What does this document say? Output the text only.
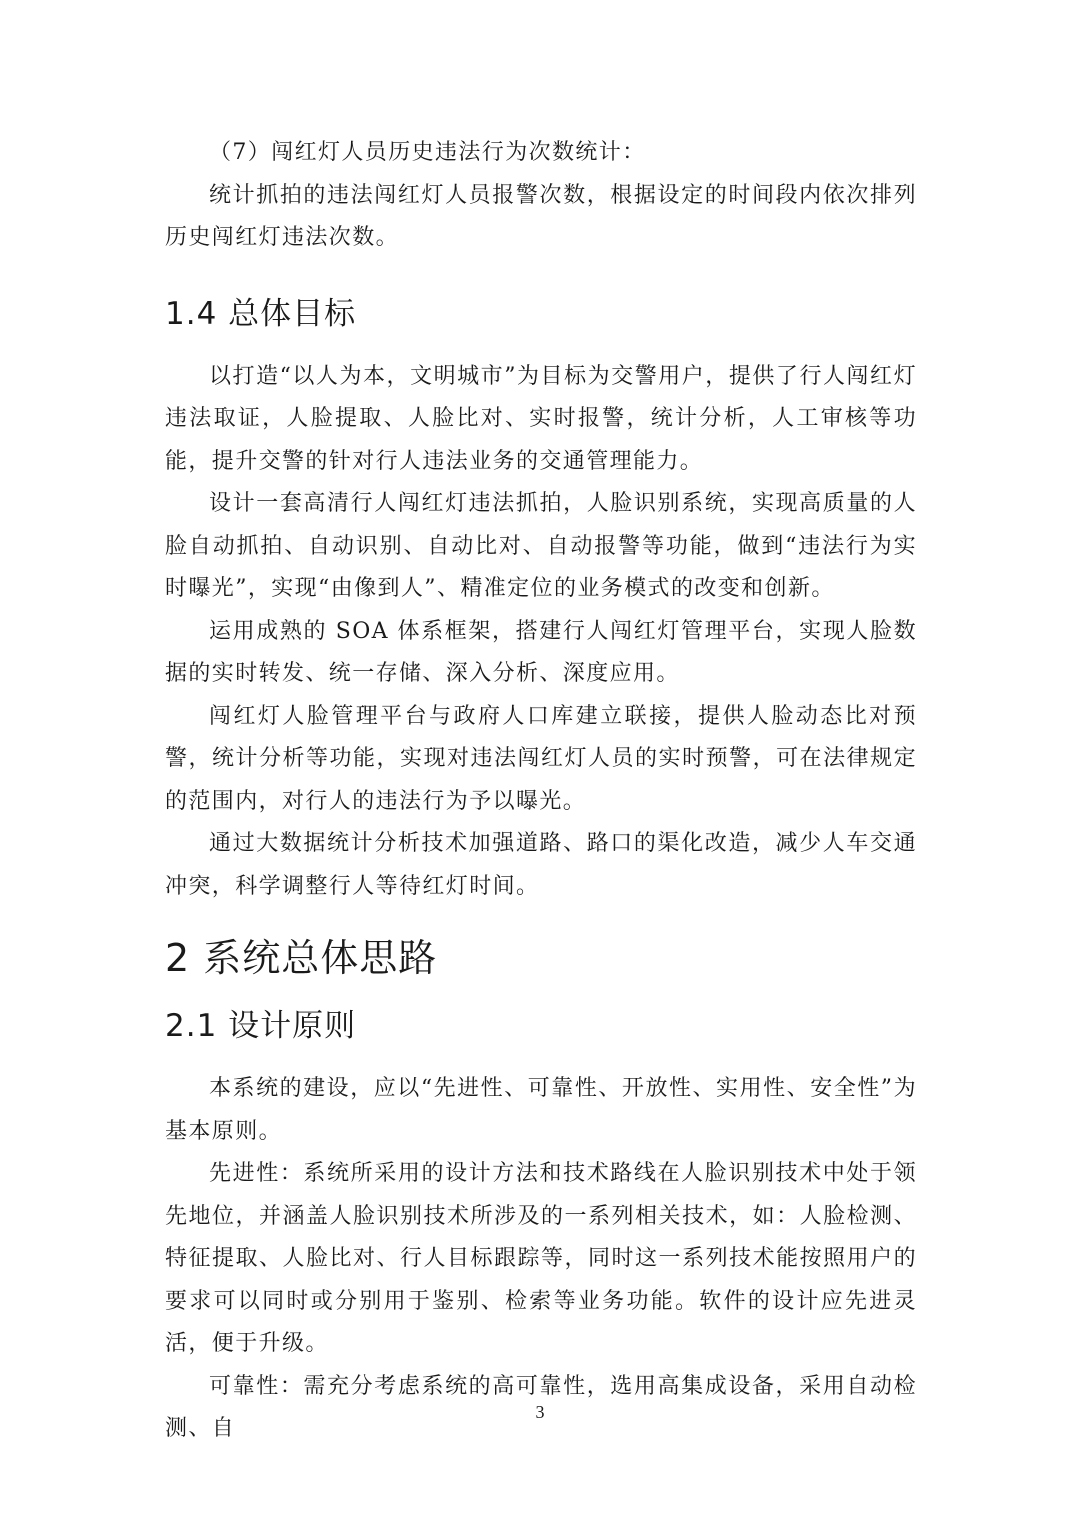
（7）闯红灯人员历史违法行为次数统计：

统计抓拍的违法闯红灯人员报警次数，根据设定的时间段内依次排列历史闯红灯违法次数。

1.4 总体目标

以打造“以人为本，文明城市”为目标为交警用户，提供了行人闯红灯违法取证，人脸提取、人脸比对、实时报警，统计分析，人工审核等功能，提升交警的针对行人违法业务的交通管理能力。

设计一套高清行人闯红灯违法抓拍，人脸识别系统，实现高质量的人脸自动抓拍、自动识别、自动比对、自动报警等功能，做到“违法行为实时曝光”，实现“由像到人”、精准定位的业务模式的改变和创新。

运用成熟的 SOA 体系框架，搭建行人闯红灯管理平台，实现人脸数据的实时转发、统一存储、深入分析、深度应用。

闯红灯人脸管理平台与政府人口库建立联接，提供人脸动态比对预警，统计分析等功能，实现对违法闯红灯人员的实时预警，可在法律规定的范围内，对行人的违法行为予以曝光。

通过大数据统计分析技术加强道路、路口的渠化改造，减少人车交通冲突，科学调整行人等待红灯时间。

2 系统总体思路
2.1 设计原则

本系统的建设，应以“先进性、可靠性、开放性、实用性、安全性”为基本原则。

先进性：系统所采用的设计方法和技术路线在人脸识别技术中处于领先地位，并涵盖人脸识别技术所涉及的一系列相关技术，如：人脸检测、特征提取、人脸比对、行人目标跟踪等，同时这一系列技术能按照用户的要求可以同时或分别用于鉴别、检索等业务功能。软件的设计应先进灵活，便于升级。

可靠性：需充分考虑系统的高可靠性，选用高集成设备，采用自动检测、自

3
